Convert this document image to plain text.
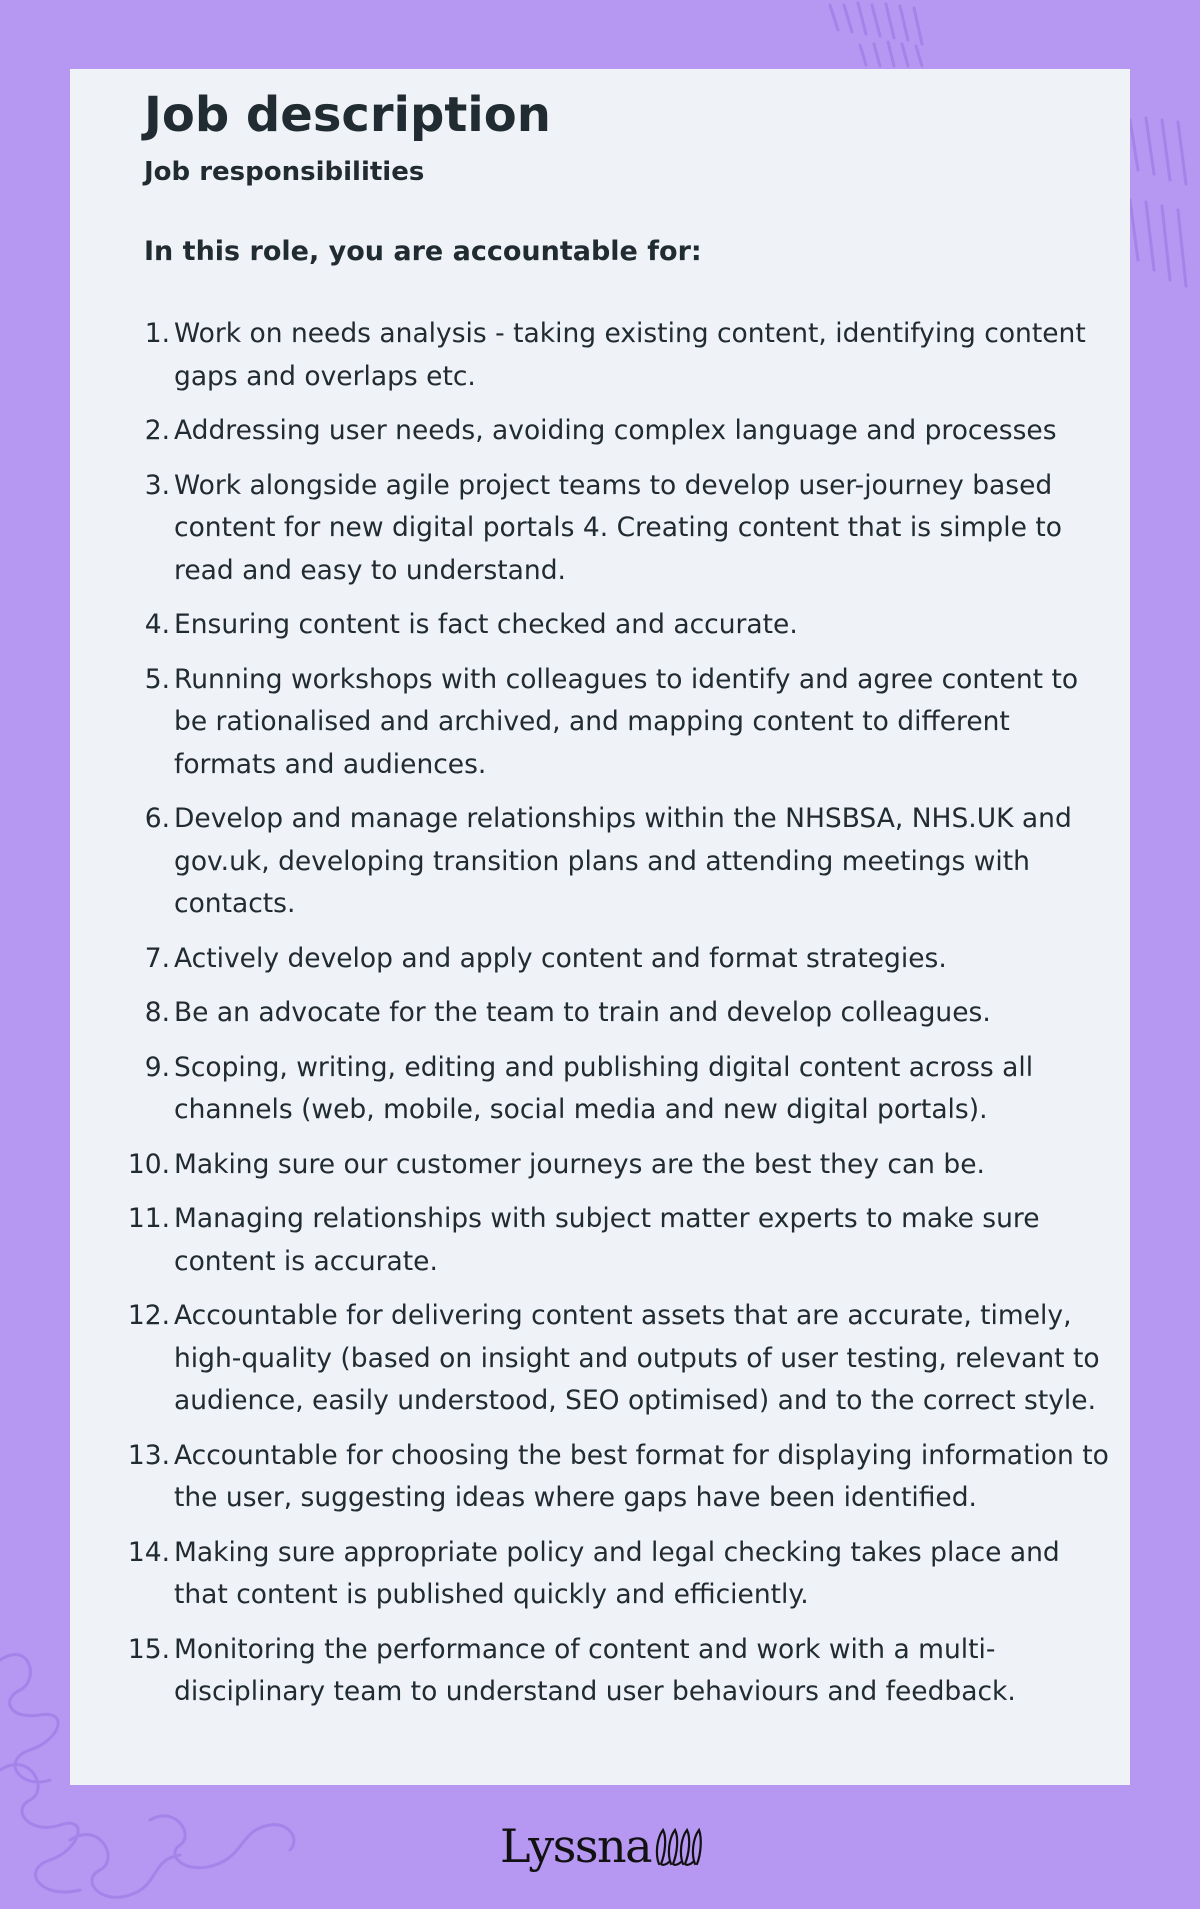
Job description
Job responsibilities

In this role, you are accountable for:

1. Work on needs analysis - taking existing content, identifying content gaps and overlaps etc.
2. Addressing user needs, avoiding complex language and processes
3. Work alongside agile project teams to develop user-journey based content for new digital portals 4. Creating content that is simple to read and easy to understand.
4. Ensuring content is fact checked and accurate.
5. Running workshops with colleagues to identify and agree content to be rationalised and archived, and mapping content to different formats and audiences.
6. Develop and manage relationships within the NHSBSA, NHS.UK and gov.uk, developing transition plans and attending meetings with contacts.
7. Actively develop and apply content and format strategies.
8. Be an advocate for the team to train and develop colleagues.
9. Scoping, writing, editing and publishing digital content across all channels (web, mobile, social media and new digital portals).
10. Making sure our customer journeys are the best they can be.
11. Managing relationships with subject matter experts to make sure content is accurate.
12. Accountable for delivering content assets that are accurate, timely, high-quality (based on insight and outputs of user testing, relevant to audience, easily understood, SEO optimised) and to the correct style.
13. Accountable for choosing the best format for displaying information to the user, suggesting ideas where gaps have been identified.
14. Making sure appropriate policy and legal checking takes place and that content is published quickly and efficiently.
15. Monitoring the performance of content and work with a multi-disciplinary team to understand user behaviours and feedback.
Lyssna
